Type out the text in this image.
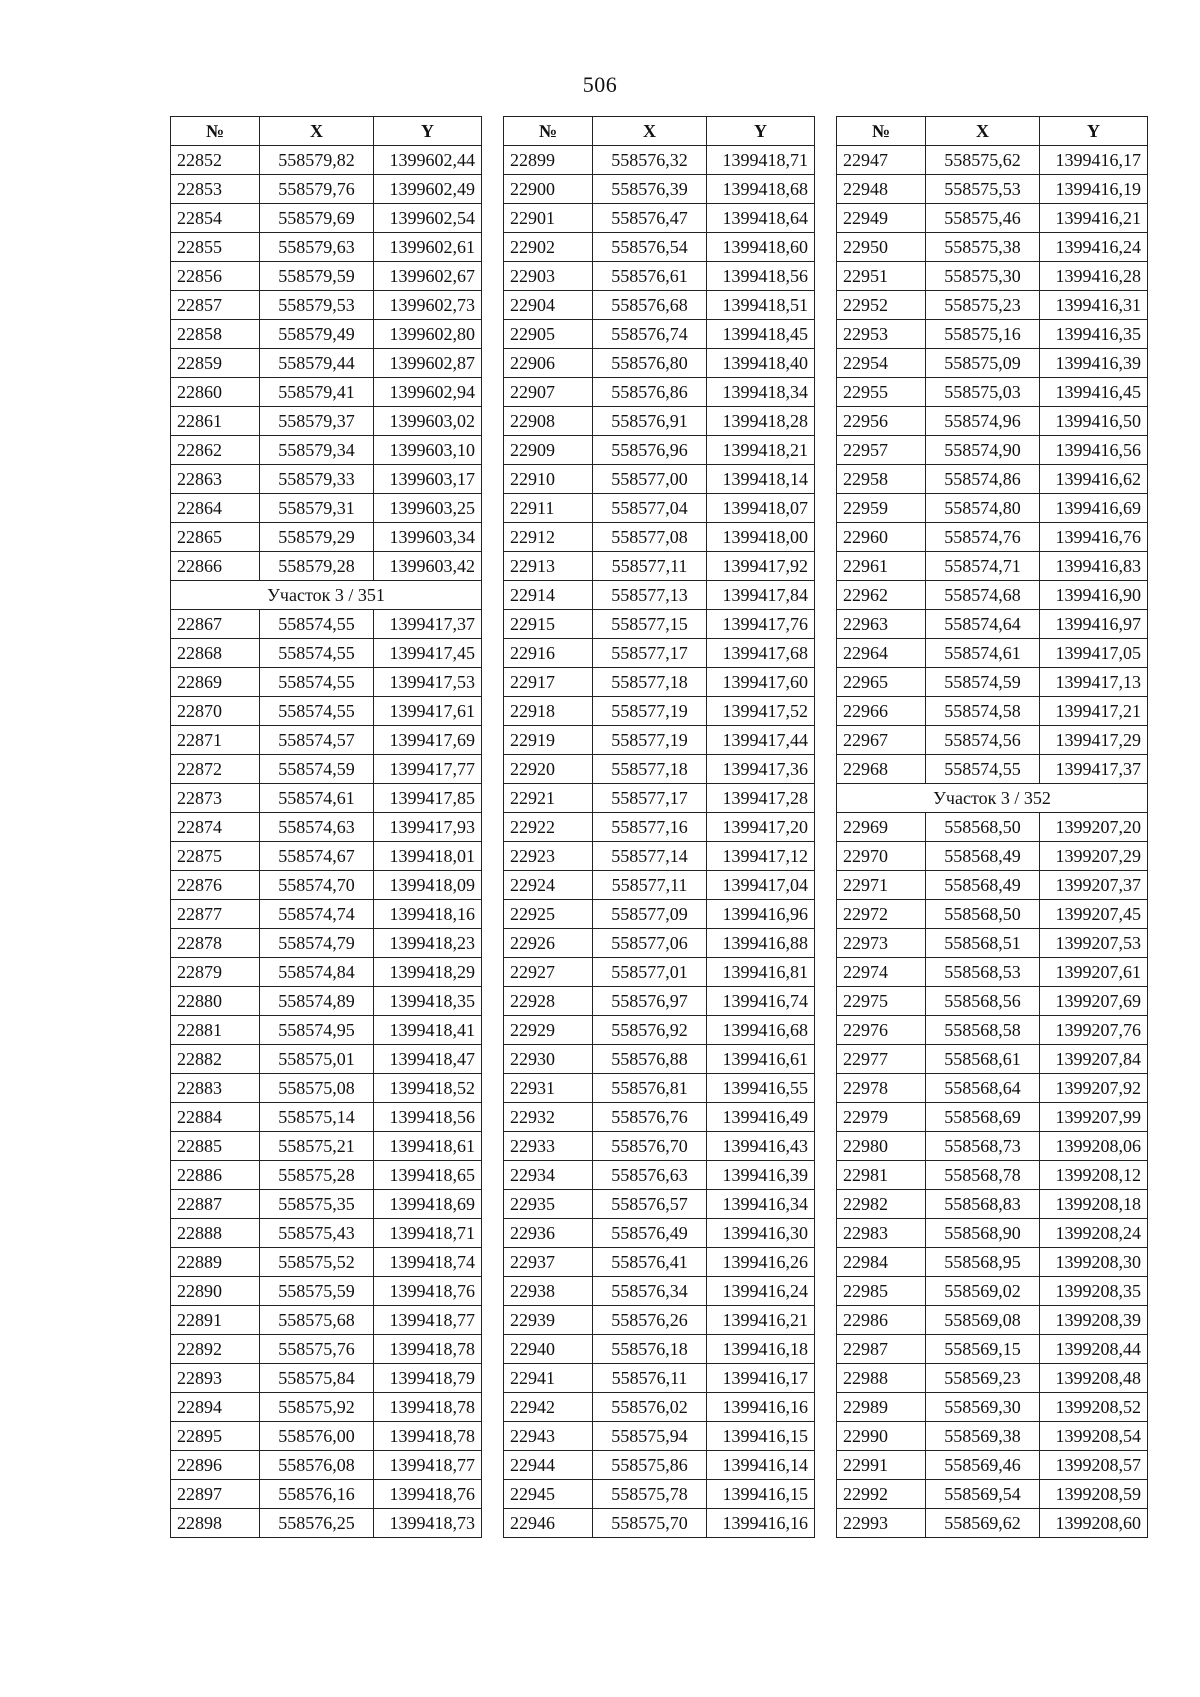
506
№	X	Y
22852	558579,82	1399602,44
22853	558579,76	1399602,49
22854	558579,69	1399602,54
22855	558579,63	1399602,61
22856	558579,59	1399602,67
22857	558579,53	1399602,73
22858	558579,49	1399602,80
22859	558579,44	1399602,87
22860	558579,41	1399602,94
22861	558579,37	1399603,02
22862	558579,34	1399603,10
22863	558579,33	1399603,17
22864	558579,31	1399603,25
22865	558579,29	1399603,34
22866	558579,28	1399603,42
Участок 3 / 351		
22867	558574,55	1399417,37
22868	558574,55	1399417,45
22869	558574,55	1399417,53
22870	558574,55	1399417,61
22871	558574,57	1399417,69
22872	558574,59	1399417,77
22873	558574,61	1399417,85
22874	558574,63	1399417,93
22875	558574,67	1399418,01
22876	558574,70	1399418,09
22877	558574,74	1399418,16
22878	558574,79	1399418,23
22879	558574,84	1399418,29
22880	558574,89	1399418,35
22881	558574,95	1399418,41
22882	558575,01	1399418,47
22883	558575,08	1399418,52
22884	558575,14	1399418,56
22885	558575,21	1399418,61
22886	558575,28	1399418,65
22887	558575,35	1399418,69
22888	558575,43	1399418,71
22889	558575,52	1399418,74
22890	558575,59	1399418,76
22891	558575,68	1399418,77
22892	558575,76	1399418,78
22893	558575,84	1399418,79
22894	558575,92	1399418,78
22895	558576,00	1399418,78
22896	558576,08	1399418,77
22897	558576,16	1399418,76
22898	558576,25	1399418,73
№	X	Y
22899	558576,32	1399418,71
22900	558576,39	1399418,68
22901	558576,47	1399418,64
22902	558576,54	1399418,60
22903	558576,61	1399418,56
22904	558576,68	1399418,51
22905	558576,74	1399418,45
22906	558576,80	1399418,40
22907	558576,86	1399418,34
22908	558576,91	1399418,28
22909	558576,96	1399418,21
22910	558577,00	1399418,14
22911	558577,04	1399418,07
22912	558577,08	1399418,00
22913	558577,11	1399417,92
22914	558577,13	1399417,84
22915	558577,15	1399417,76
22916	558577,17	1399417,68
22917	558577,18	1399417,60
22918	558577,19	1399417,52
22919	558577,19	1399417,44
22920	558577,18	1399417,36
22921	558577,17	1399417,28
22922	558577,16	1399417,20
22923	558577,14	1399417,12
22924	558577,11	1399417,04
22925	558577,09	1399416,96
22926	558577,06	1399416,88
22927	558577,01	1399416,81
22928	558576,97	1399416,74
22929	558576,92	1399416,68
22930	558576,88	1399416,61
22931	558576,81	1399416,55
22932	558576,76	1399416,49
22933	558576,70	1399416,43
22934	558576,63	1399416,39
22935	558576,57	1399416,34
22936	558576,49	1399416,30
22937	558576,41	1399416,26
22938	558576,34	1399416,24
22939	558576,26	1399416,21
22940	558576,18	1399416,18
22941	558576,11	1399416,17
22942	558576,02	1399416,16
22943	558575,94	1399416,15
22944	558575,86	1399416,14
22945	558575,78	1399416,15
22946	558575,70	1399416,16
№	X	Y
22947	558575,62	1399416,17
22948	558575,53	1399416,19
22949	558575,46	1399416,21
22950	558575,38	1399416,24
22951	558575,30	1399416,28
22952	558575,23	1399416,31
22953	558575,16	1399416,35
22954	558575,09	1399416,39
22955	558575,03	1399416,45
22956	558574,96	1399416,50
22957	558574,90	1399416,56
22958	558574,86	1399416,62
22959	558574,80	1399416,69
22960	558574,76	1399416,76
22961	558574,71	1399416,83
22962	558574,68	1399416,90
22963	558574,64	1399416,97
22964	558574,61	1399417,05
22965	558574,59	1399417,13
22966	558574,58	1399417,21
22967	558574,56	1399417,29
22968	558574,55	1399417,37
Участок 3 / 352		
22969	558568,50	1399207,20
22970	558568,49	1399207,29
22971	558568,49	1399207,37
22972	558568,50	1399207,45
22973	558568,51	1399207,53
22974	558568,53	1399207,61
22975	558568,56	1399207,69
22976	558568,58	1399207,76
22977	558568,61	1399207,84
22978	558568,64	1399207,92
22979	558568,69	1399207,99
22980	558568,73	1399208,06
22981	558568,78	1399208,12
22982	558568,83	1399208,18
22983	558568,90	1399208,24
22984	558568,95	1399208,30
22985	558569,02	1399208,35
22986	558569,08	1399208,39
22987	558569,15	1399208,44
22988	558569,23	1399208,48
22989	558569,30	1399208,52
22990	558569,38	1399208,54
22991	558569,46	1399208,57
22992	558569,54	1399208,59
22993	558569,62	1399208,60
